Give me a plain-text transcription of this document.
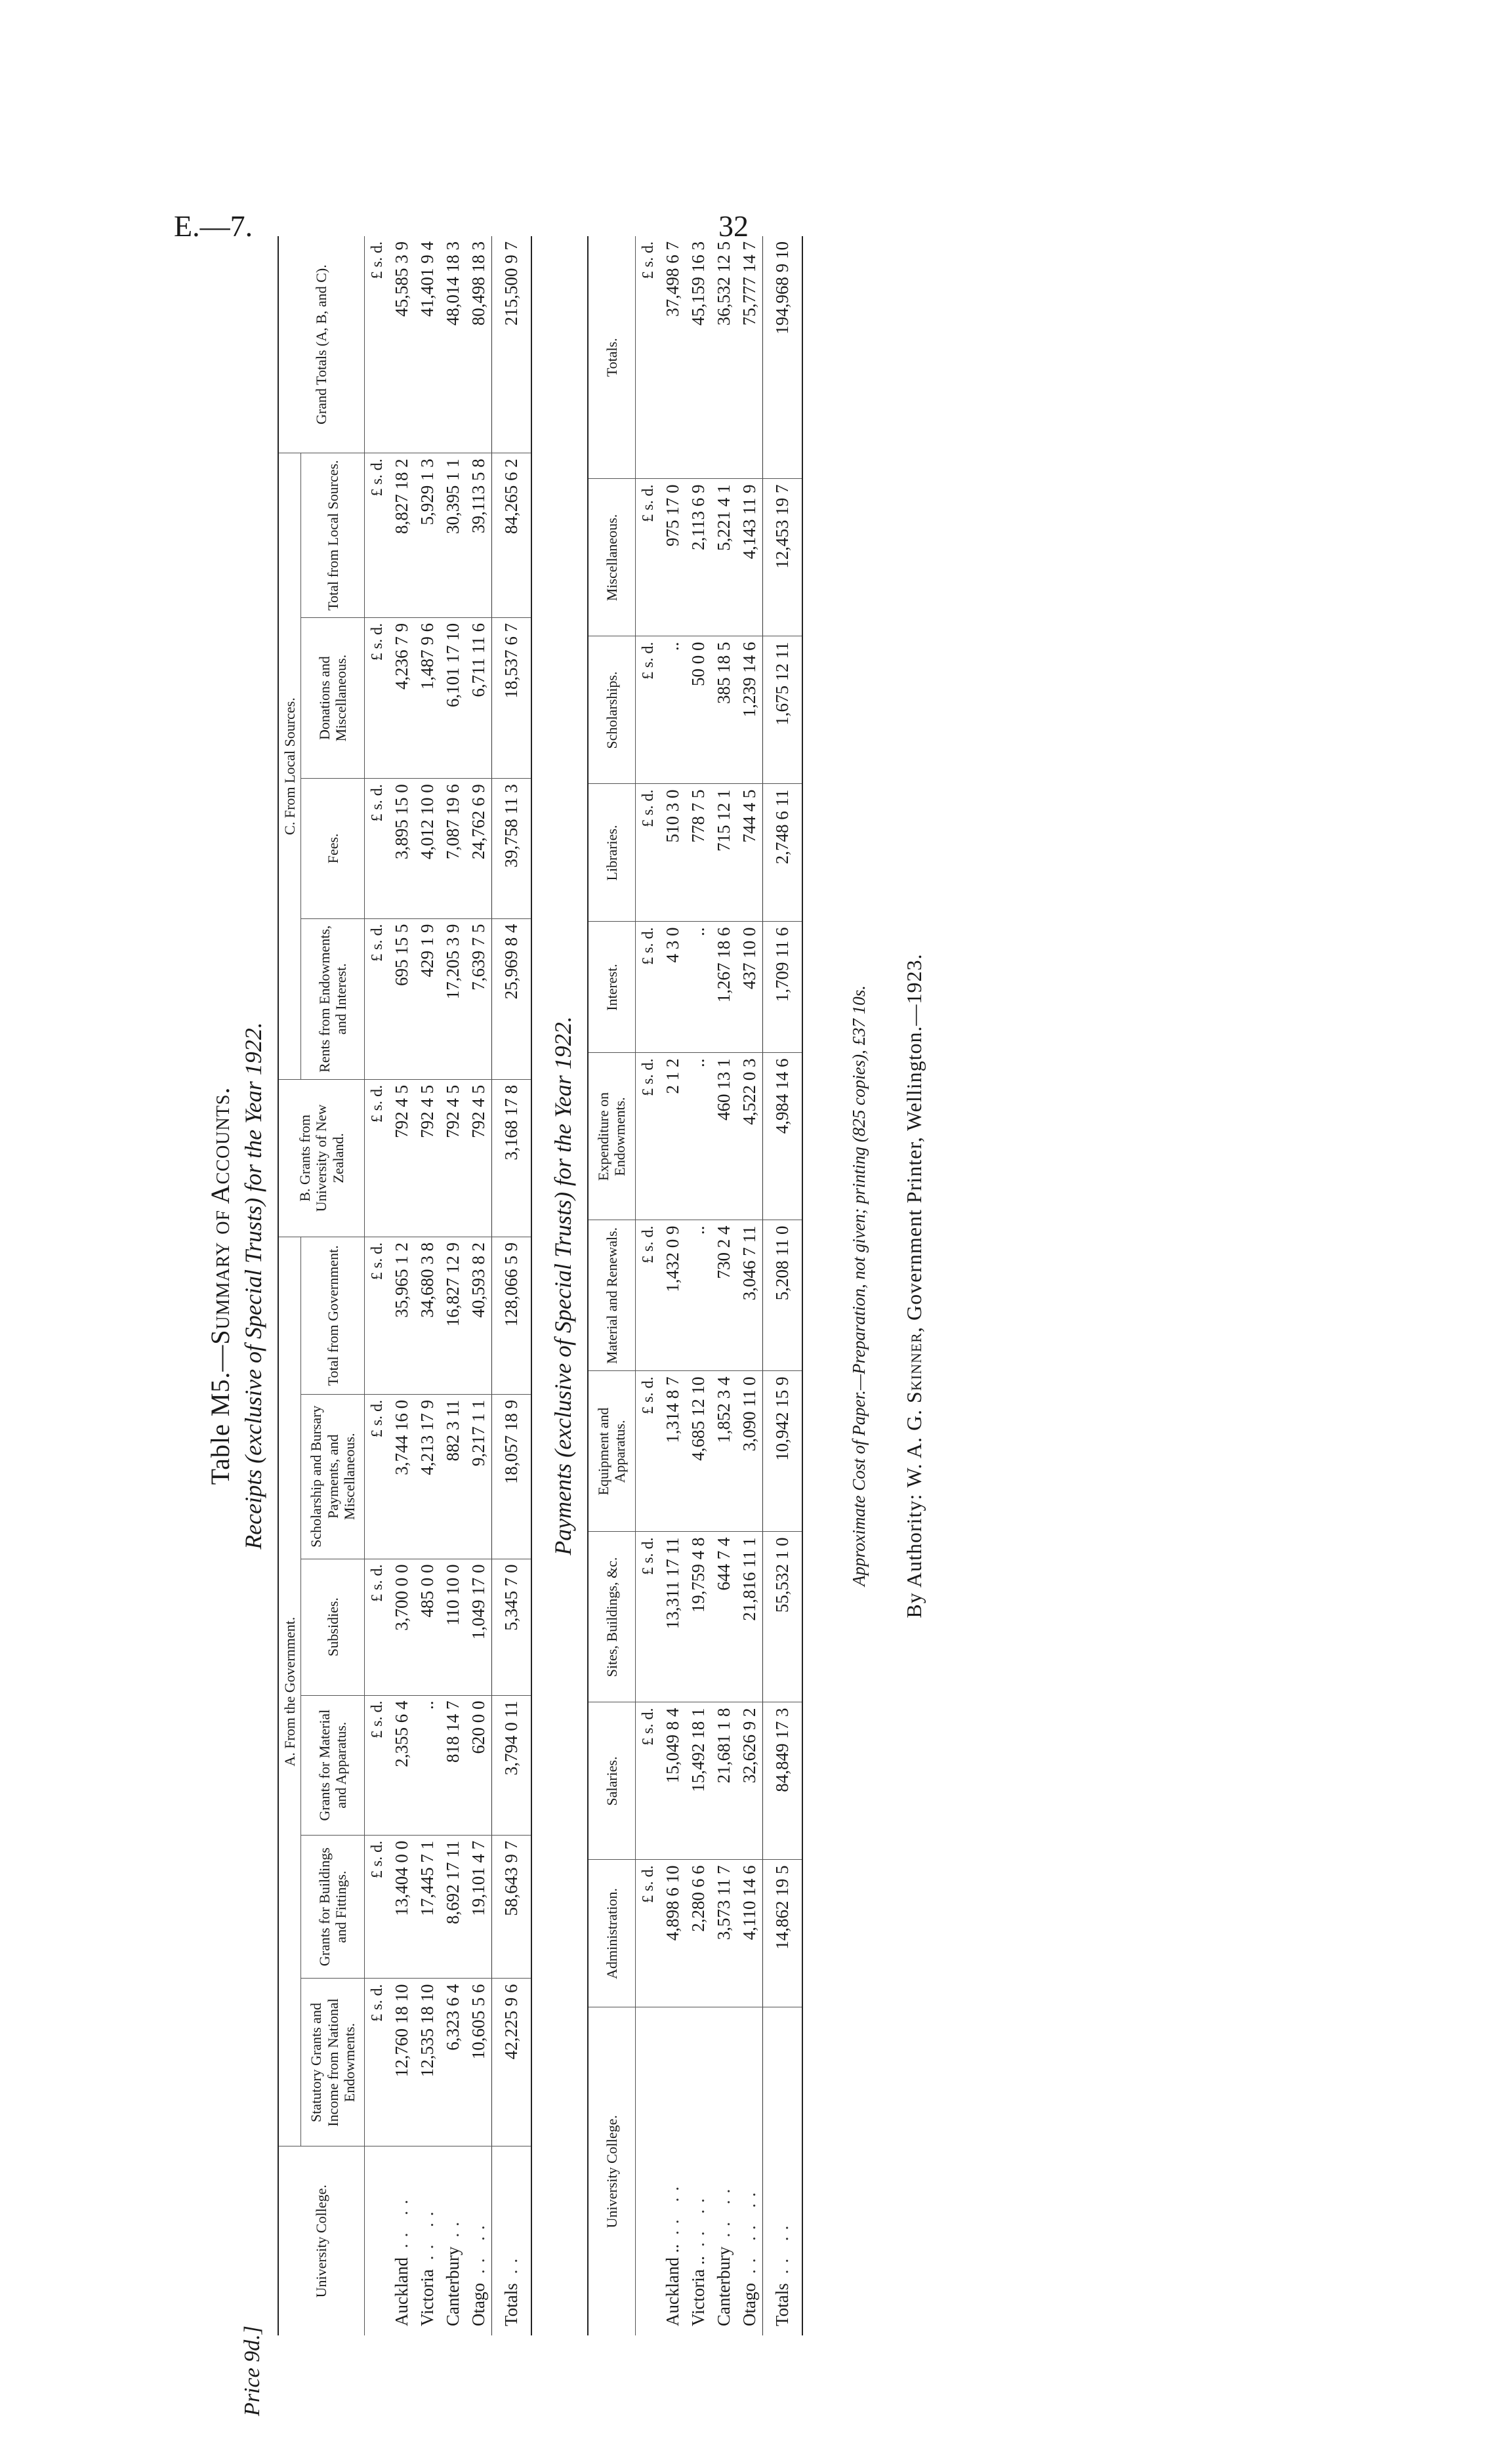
E.—7.	32
Price 9d.]
Table M5.—Summary of Accounts. Receipts (exclusive of Special Trusts) for the Year 1922.
University College.	A. From the Government.						B. Grants from University of New Zealand.	C. From Local Sources.				Grand Totals (A, B, and C).
	Statutory Grants and Income from National Endowments.	Grants for Buildings and Fittings.	Grants for Material and Apparatus.	Subsidies.	Scholarship and Bursary Payments, and Miscellaneous.	Total from Government.		Rents from Endowments, and Interest.	Fees.	Donations and Miscellaneous.	Total from Local Sources.	
	£ s. d.	£ s. d.	£ s. d.	£ s. d.	£ s. d.	£ s. d.	£ s. d.	£ s. d.	£ s. d.	£ s. d.	£ s. d.	£ s. d.
Auckland.. ..	12,760 18 10	13,404 0 0	2,355 6 4	3,700 0 0	3,744 16 0	35,965 1 2	792 4 5	695 15 5	3,895 15 0	4,236 7 9	8,827 18 2	45,585 3 9
Victoria.. ..	12,535 18 10	17,445 7 1	..	485 0 0	4,213 17 9	34,680 3 8	792 4 5	429 1 9	4,012 10 0	1,487 9 6	5,929 1 3	41,401 9 4
Canterbury..	6,323 6 4	8,692 17 11	818 14 7	110 10 0	882 3 11	16,827 12 9	792 4 5	17,205 3 9	7,087 19 6	6,101 17 10	30,395 1 1	48,014 18 3
Otago.. ..	10,605 5 6	19,101 4 7	620 0 0	1,049 17 0	9,217 1 1	40,593 8 2	792 4 5	7,639 7 5	24,762 6 9	6,711 11 6	39,113 5 8	80,498 18 3
Totals..	42,225 9 6	58,643 9 7	3,794 0 11	5,345 7 0	18,057 18 9	128,066 5 9	3,168 17 8	25,969 8 4	39,758 11 3	18,537 6 7	84,265 6 2	215,500 9 7
Payments (exclusive of Special Trusts) for the Year 1922.
University College.	Administration.	Salaries.	Sites, Buildings, &c.	Equipment and Apparatus.	Material and Renewals.	Expenditure on Endowments.	Interest.	Libraries.	Scholarships.	Miscellaneous.	Totals.
	£ s. d.	£ s. d.	£ s. d.	£ s. d.	£ s. d.	£ s. d.	£ s. d.	£ s. d.	£ s. d.	£ s. d.	£ s. d.
Auckland .... ..	4,898 6 10	15,049 8 4	13,311 17 11	1,314 8 7	1,432 0 9	2 1 2	4 3 0	510 3 0	..	975 17 0	37,498 6 7
Victoria .... ..	2,280 6 6	15,492 18 1	19,759 4 8	4,685 12 10	..	..	..	778 7 5	50 0 0	2,113 6 9	45,159 16 3
Canterbury.. ..	3,573 11 7	21,681 1 8	644 7 4	1,852 3 4	730 2 4	460 13 1	1,267 18 6	715 12 1	385 18 5	5,221 4 1	36,532 12 5
Otago.. .. ..	4,110 14 6	32,626 9 2	21,816 11 1	3,090 11 0	3,046 7 11	4,522 0 3	437 10 0	744 4 5	1,239 14 6	4,143 11 9	75,777 14 7
Totals.. ..	14,862 19 5	84,849 17 3	55,532 1 0	10,942 15 9	5,208 11 0	4,984 14 6	1,709 11 6	2,748 6 11	1,675 12 11	12,453 19 7	194,968 9 10
Approximate Cost of Paper.—Preparation, not given; printing (825 copies), £37 10s. By Authority: W. A. G. Skinner, Government Printer, Wellington.—1923.
